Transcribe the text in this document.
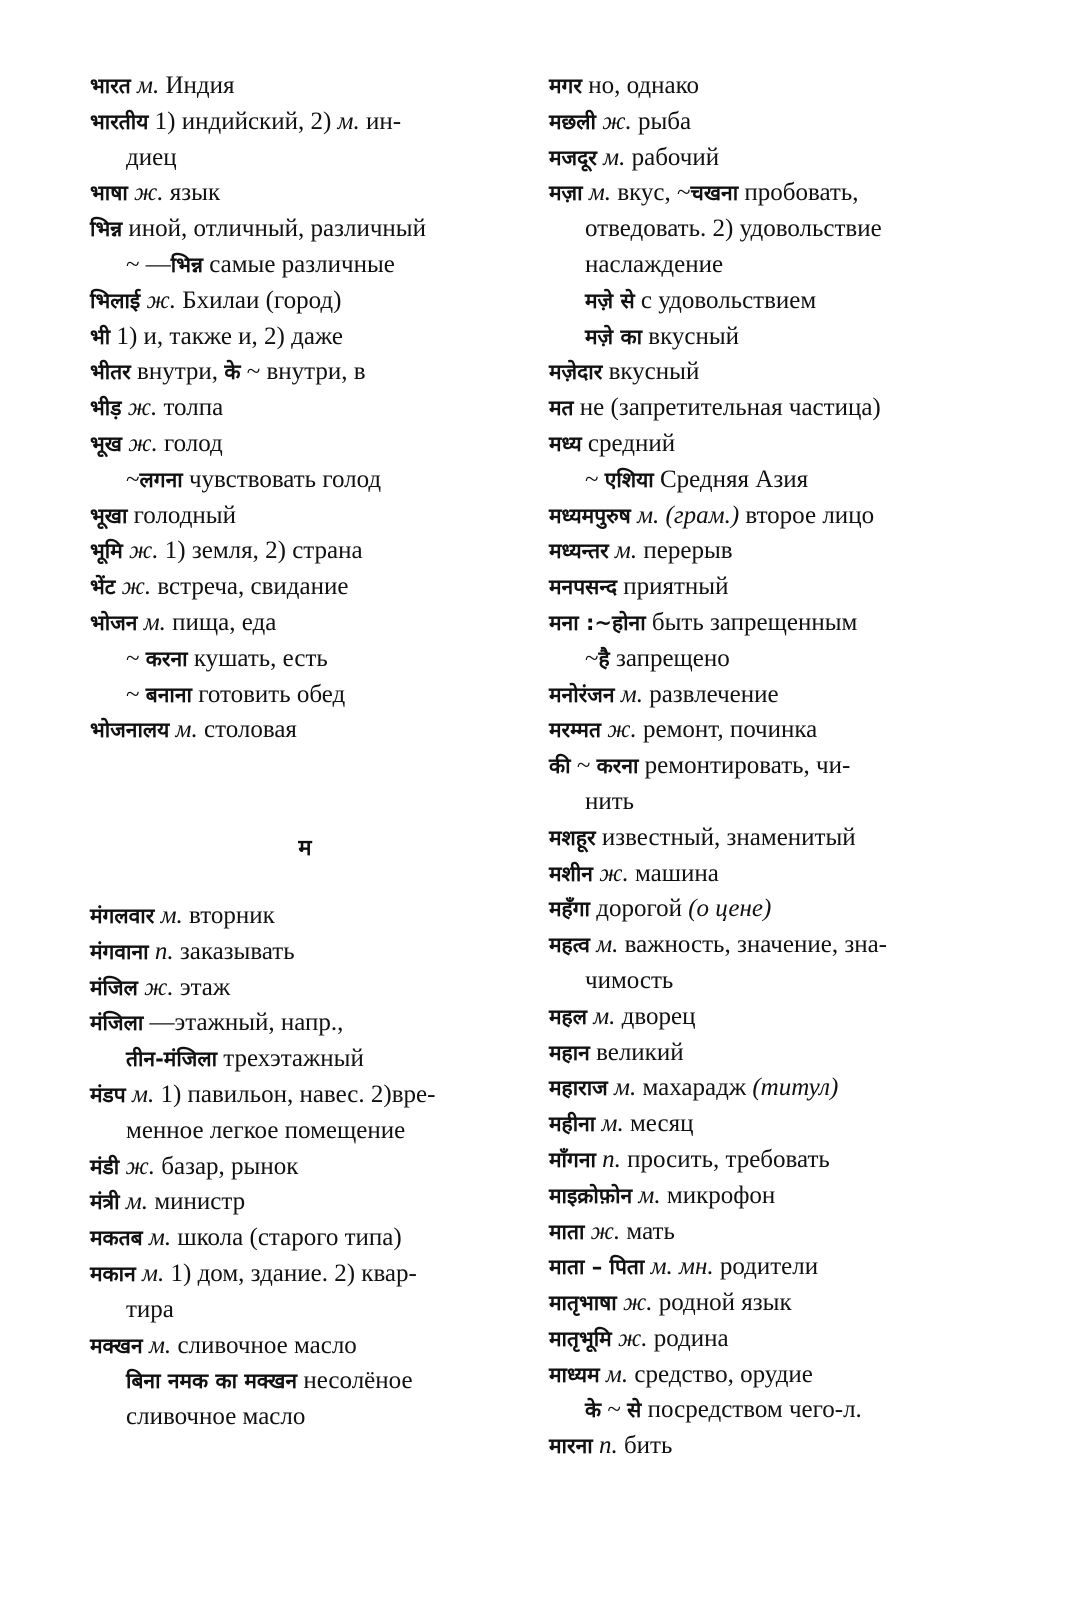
भारत м. Индия
भारतीय 1) индийский, 2) м. ин-
диец
भाषा ж. язык
भिन्न иной, отличный, различный
~ —भिन्न самые различные
भिलाई ж. Бхилаи (город)
भी 1) и, также и, 2) даже
भीतर внутри, के ~ внутри, в
भीड़ ж. толпа
भूख ж. голод
~लगना чувствовать голод
भूखा голодный
भूमि ж. 1) земля, 2) страна
भेंट ж. встреча, свидание
भोजन м. пища, еда
~ करना кушать, есть
~ बनाना готовить обед
भोजनालय м. столовая
मंगलवार м. вторник
मंगवाना п. заказывать
मंजिल ж. этаж
मंजिला —этажный, напр.,
तीन-मंजिला трехэтажный
मंडप м. 1) павильон, навес. 2)вре-
менное легкое помещение
मंडी ж. базар, рынок
मंत्री м. министр
मकतब м. школа (старого типа)
मकान м. 1) дом, здание. 2) квар-
тира
मक्खन м. сливочное масло
बिना नमक का मक्खन несолёное
сливочное масло
म
मगर но, однако
मछली ж. рыба
मजदूर м. рабочий
मज़ा м. вкус, ~चखना пробовать,
отведовать. 2) удовольствие
наслаждение
मज़े से с удовольствием
मज़े का вкусный
मज़ेदार вкусный
मत не (запретительная частица)
मध्य средний
~ एशिया Средняя Азия
मध्यमपुरुष м. (грам.) второе лицо
मध्यन्तर м. перерыв
मनपसन्द приятный
मना :~होना быть запрещенным
~है запрещено
मनोरंजन м. развлечение
मरम्मत ж. ремонт, починка
की ~ करना ремонтировать, чи-
нить
मशहूर известный, знаменитый
मशीन ж. машина
महँगा дорогой (о цене)
महत्व м. важность, значение, зна-
чимость
महल м. дворец
महान великий
महाराज м. махарадж (титул)
महीना м. месяц
माँगना п. просить, требовать
माइक्रोफ़ोन м. микрофон
माता ж. мать
माता – पिता м. мн. родители
मातृभाषा ж. родной язык
मातृभूमि ж. родина
माध्यम м. средство, орудие
के ~ से посредством чего-л.
मारना п. бить
